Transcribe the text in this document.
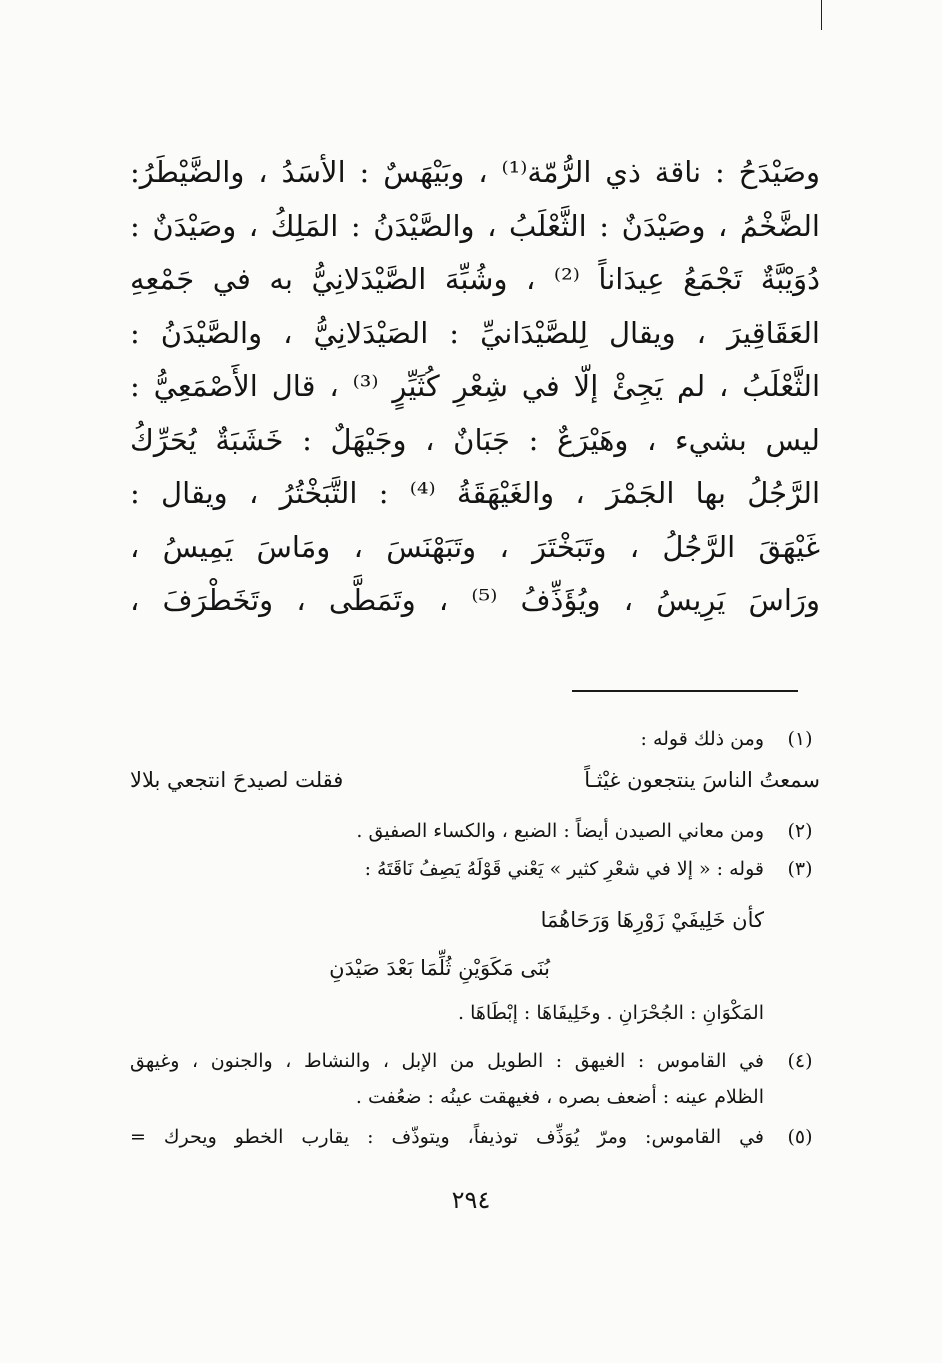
وصَيْدَحُ : ناقة ذي الرُّمّة⁽¹⁾ ، وبَيْهَسٌ : الأسَدُ ، والضَّيْطَرُ:
الضَّخْمُ ، وصَيْدَنٌ : الثَّعْلَبُ ، والصَّيْدَنُ : المَلِكُ ، وصَيْدَنٌ :
دُوَيْبَّةٌ تَجْمَعُ عِيدَاناً ⁽²⁾ ، وشُبِّهَ الصَّيْدَلانِيُّ به في جَمْعِهِ
العَقَاقِيرَ ، ويقال لِلصَّيْدَانيِّ : الصَيْدَلانِيُّ ، والصَّيْدَنُ :
الثَّعْلَبُ ، لم يَجِئْ إلّا في شِعْرِ كُثَيِّرٍ ⁽³⁾ ، قال الأَصْمَعِيُّ :
ليس بشيء ، وهَيْرَعٌ : جَبَانٌ ، وجَيْهَلٌ : خَشَبَةٌ يُحَرِّكُ
الرَّجُلُ بها الجَمْرَ ، والغَيْهَقَةُ ⁽⁴⁾ : التَّبَخْتُرُ ، ويقال :
غَيْهَقَ الرَّجُلُ ، وتَبَخْتَرَ ، وتَبَهْنَسَ ، ومَاسَ يَمِيسُ ،
ورَاسَ يَرِيسُ ، ويُؤَذِّفُ ⁽⁵⁾ ، وتَمَطَّى ، وتَخَطْرَفَ ،
(١)
ومن ذلك قوله :
سمعتُ الناسَ ينتجعون غيْثـاً
فقلت لصيدحَ انتجعي بلالا
(٢)
ومن معاني الصيدن أيضاً : الضبع ، والكساء الصفيق .
(٣)
قوله : « إلا في شعْرِ كثير » يَعْني قَوْلَهُ يَصِفُ نَاقَتَهُ :
كأن خَلِيفَيْ زَوْرِهَا وَرَحَاهُمَا
بُنَى مَكَوَيْنِ ثُلِّمَا بَعْدَ صَيْدَنِ
المَكْوَانِ : الجُحْرَانِ . وخَلِيفَاهَا : إبْطَاهَا .
(٤)
في القاموس : الغيهق : الطويل من الإبل ، والنشاط ، والجنون ، وغيهق
الظلام عينه : أضعف بصره ، فغيهقت عينُه : ضعُفت .
(٥)
في القاموس: ومرّ يُوَذِّف توذيفاً، ويتوذّف : يقارب الخطو ويحرك =
٢٩٤
